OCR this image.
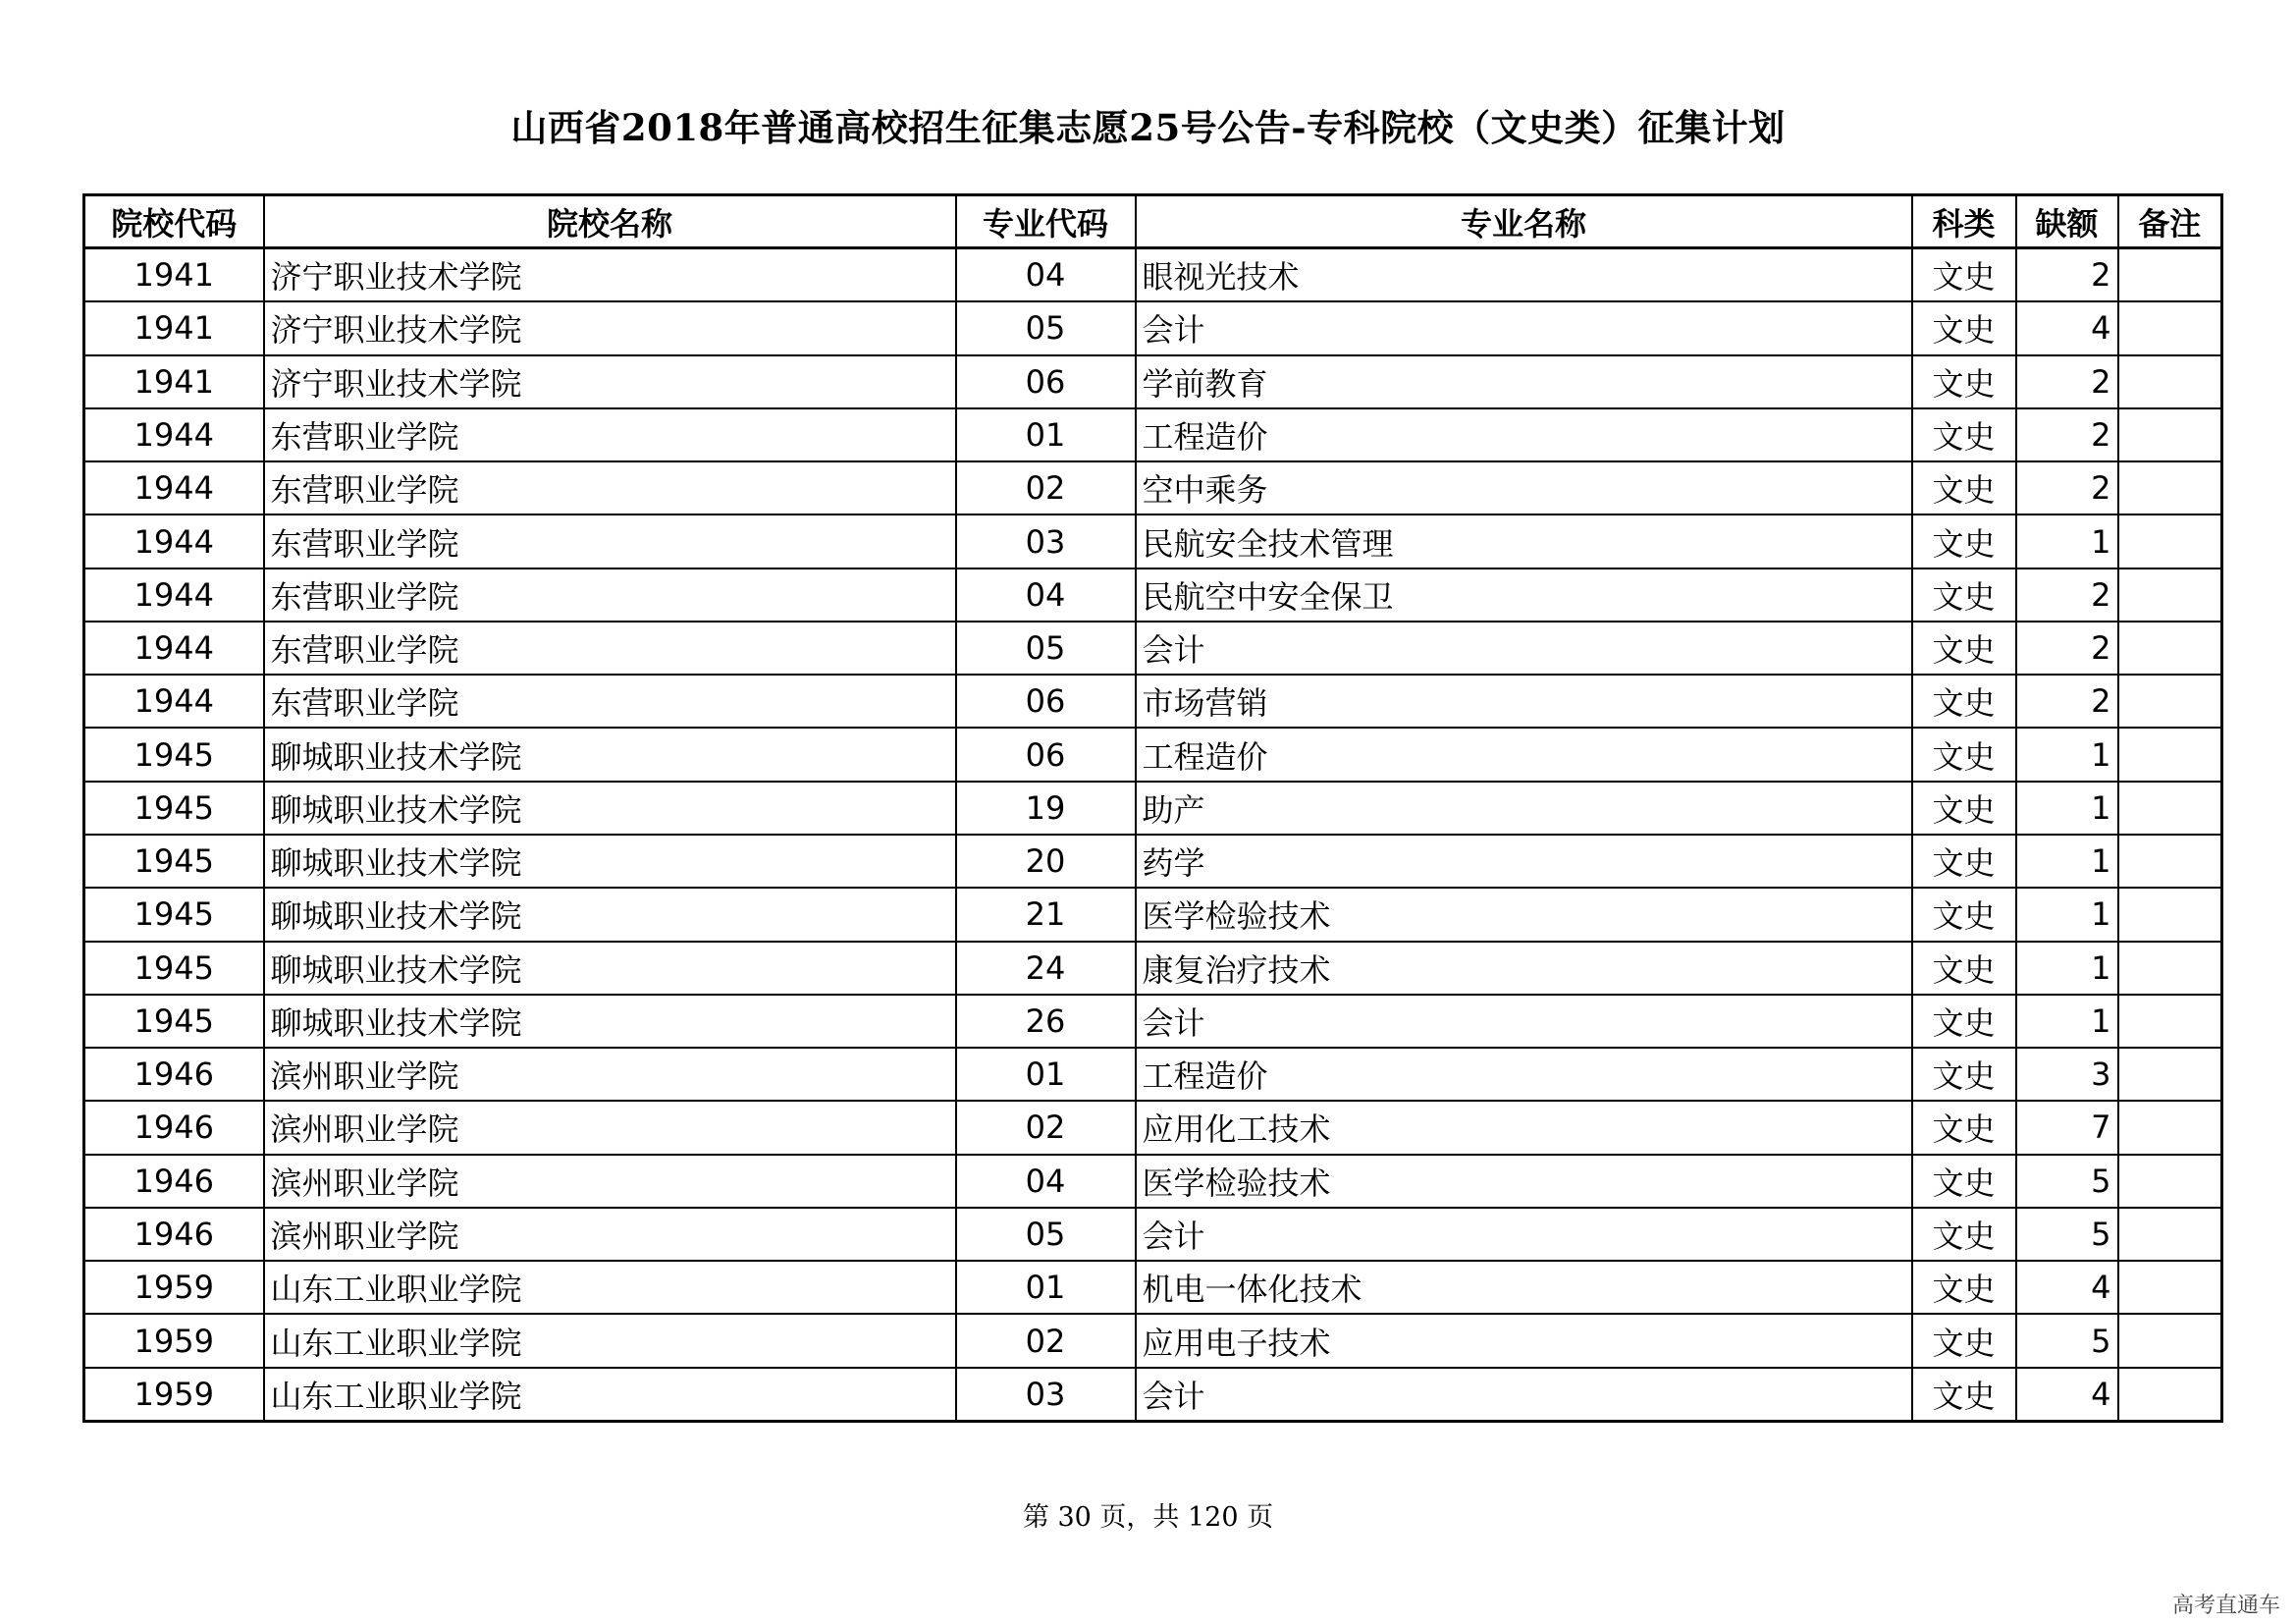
山西省2018年普通高校招生征集志愿25号公告-专科院校（文史类）征集计划
院校代码	院校名称	专业代码	专业名称	科类	缺额	备注
1941	济宁职业技术学院	04	眼视光技术	文史	2	
1941	济宁职业技术学院	05	会计	文史	4	
1941	济宁职业技术学院	06	学前教育	文史	2	
1944	东营职业学院	01	工程造价	文史	2	
1944	东营职业学院	02	空中乘务	文史	2	
1944	东营职业学院	03	民航安全技术管理	文史	1	
1944	东营职业学院	04	民航空中安全保卫	文史	2	
1944	东营职业学院	05	会计	文史	2	
1944	东营职业学院	06	市场营销	文史	2	
1945	聊城职业技术学院	06	工程造价	文史	1	
1945	聊城职业技术学院	19	助产	文史	1	
1945	聊城职业技术学院	20	药学	文史	1	
1945	聊城职业技术学院	21	医学检验技术	文史	1	
1945	聊城职业技术学院	24	康复治疗技术	文史	1	
1945	聊城职业技术学院	26	会计	文史	1	
1946	滨州职业学院	01	工程造价	文史	3	
1946	滨州职业学院	02	应用化工技术	文史	7	
1946	滨州职业学院	04	医学检验技术	文史	5	
1946	滨州职业学院	05	会计	文史	5	
1959	山东工业职业学院	01	机电一体化技术	文史	4	
1959	山东工业职业学院	02	应用电子技术	文史	5	
1959	山东工业职业学院	03	会计	文史	4	
第 30 页，共 120 页
高考直通车
